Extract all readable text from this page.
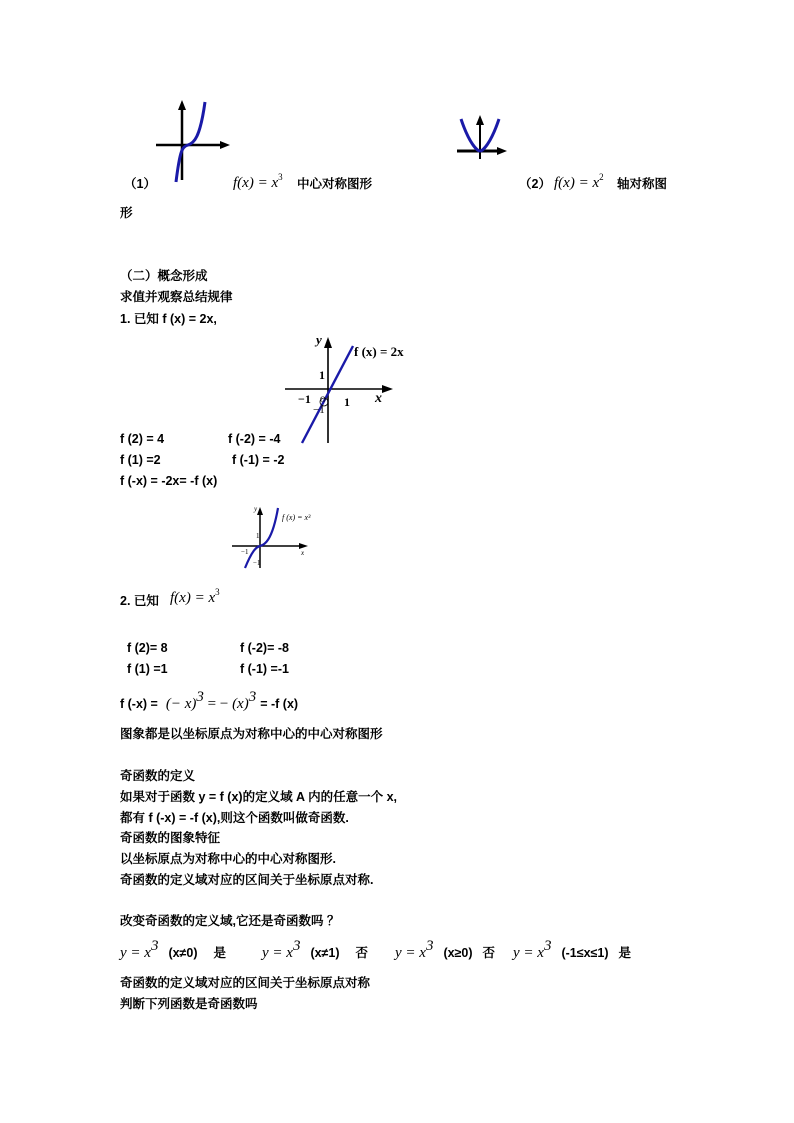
（1）	$f(x) = x^3$ 中心对称图形	（2） $f(x) = x^2$ 轴对称图
形
（二）概念形成
求值并观察总结规律
1. 已知 f (x) = 2x,
y
f (x) = 2x
1
−1 O 1 x
−1
f (2) = 4	f (-2) = -4
f (1) =2	f (-1) = -2
f (-x) = -2x= -f (x)
y
f (x) = x³
1
−1
−1
x
2. 已知 $f(x) = x^3$
f (2)= 8	f (-2)= -8
f (1) =1	f (-1) =-1
f (-x) = (− x)$^3$ = − $(x)^3 = -f$ (x)
图象都是以坐标原点为对称中心的中心对称图形
奇函数的定义
如果对于函数 y = f (x)的定义域 A 内的任意一个 x,
都有 f (-x) = -f (x),则这个函数叫做奇函数.
奇函数的图象特征
以坐标原点为对称中心的中心对称图形.
奇函数的定义域对应的区间关于坐标原点对称.
改变奇函数的定义域,它还是奇函数吗 ？
$y = x^3$ (x≠0) 是 $y = x^3$ (x≠1) 否 $y = x^3$ (x≥0) 否 $y = x^3$ (-1≤x≤1) 是
奇函数的定义域对应的区间关于坐标原点对称
判断下列函数是奇函数吗
